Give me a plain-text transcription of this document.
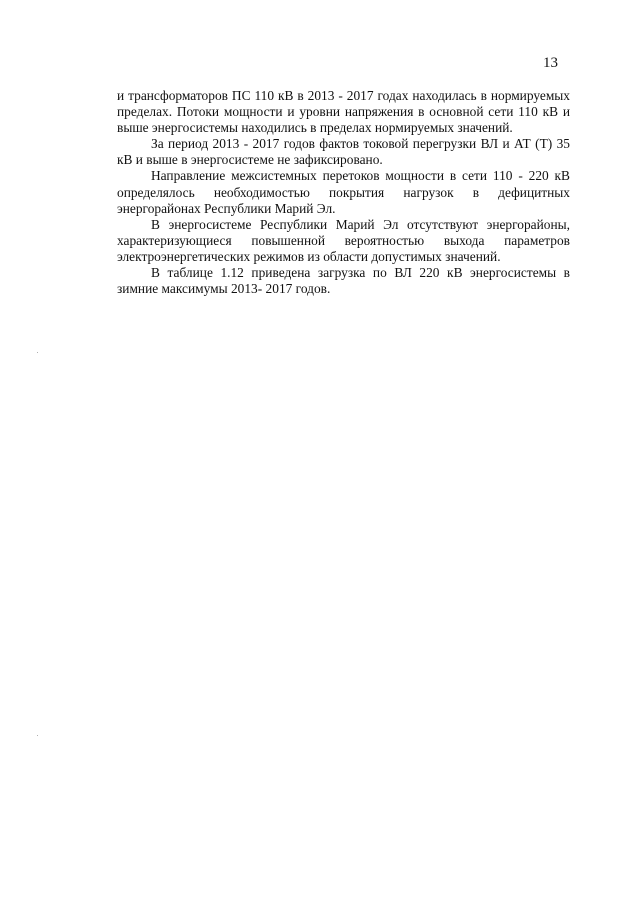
13

и трансформаторов ПС 110 кВ в 2013 - 2017 годах находилась в нормируемых пределах. Потоки мощности и уровни напряжения в основной сети 110 кВ и выше энергосистемы находились в пределах нормируемых значений.

За период 2013 - 2017 годов фактов токовой перегрузки ВЛ и АТ (Т) 35 кВ и выше в энергосистеме не зафиксировано.

Направление межсистемных перетоков мощности в сети 110 - 220 кВ определялось необходимостью покрытия нагрузок в дефицитных энергорайонах Республики Марий Эл.

В энергосистеме Республики Марий Эл отсутствуют энергорайоны, характеризующиеся повышенной вероятностью выхода параметров электроэнергетических режимов из области допустимых значений.

В таблице 1.12 приведена загрузка по ВЛ 220 кВ энергосистемы в зимние максимумы 2013- 2017 годов.
